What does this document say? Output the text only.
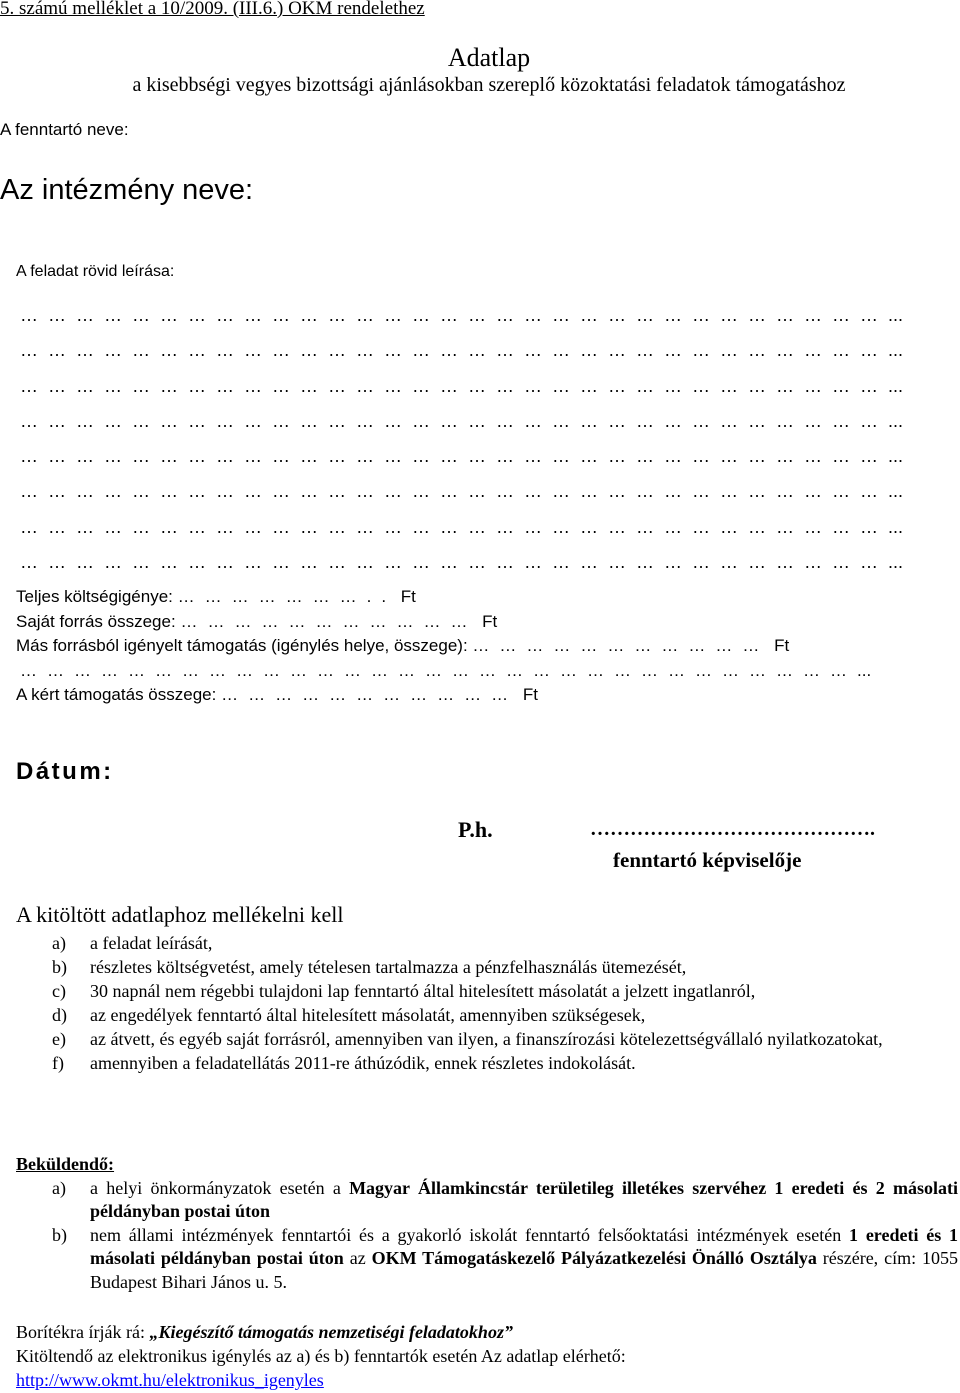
5. számú melléklet a 10/2009. (III.6.) OKM rendelethez
Adatlap
a kisebbségi vegyes bizottsági ajánlásokban szereplő közoktatási feladatok támogatáshoz
A fenntartó neve:
Az intézmény neve:
A feladat rövid leírása:
…………………………………………………………………………………...
…………………………………………………………………………………...
…………………………………………………………………………………...
…………………………………………………………………………………...
…………………………………………………………………………………...
…………………………………………………………………………………...
…………………………………………………………………………………...
…………………………………………………………………………………...
Teljes költségigénye: ………………….. Ft
Saját forrás összege: …………………………… Ft
Más forrásból igényelt támogatás (igénylés helye, összege): …………………………… Ft
…………………………………………………………………………………...
A kért támogatás összege: …………………………… Ft
Dátum:
P.h.	…………………………………….
fenntartó képviselője
A kitöltött adatlaphoz mellékelni kell
a)	a feladat leírását,
b)	részletes költségvetést, amely tételesen tartalmazza a pénzfelhasználás ütemezését,
c)	30 napnál nem régebbi tulajdoni lap fenntartó által hitelesített másolatát a jelzett ingatlanról,
d)	az engedélyek fenntartó által hitelesített másolatát, amennyiben szükségesek,
e)	az átvett, és egyéb saját forrásról, amennyiben van ilyen, a finanszírozási kötelezettségvállaló nyilatkozatokat,
f)	amennyiben a feladatellátás 2011-re áthúzódik, ennek részletes indokolását.
Beküldendő:
a)	a helyi önkormányzatok esetén a Magyar Államkincstár területileg illetékes szervéhez 1 eredeti és 2 másolati példányban postai úton
b)	nem állami intézmények fenntartói és a gyakorló iskolát fenntartó felsőoktatási intézmények esetén 1 eredeti és 1 másolati példányban postai úton az OKM Támogatáskezelő Pályázatkezelési Önálló Osztálya részére, cím: 1055 Budapest Bihari János u. 5.
Borítékra írják rá: „Kiegészítő támogatás nemzetiségi feladatokhoz”
Kitöltendő az elektronikus igénylés az a) és b) fenntartók esetén Az adatlap elérhető:
http://www.okmt.hu/elektronikus_igenyles
